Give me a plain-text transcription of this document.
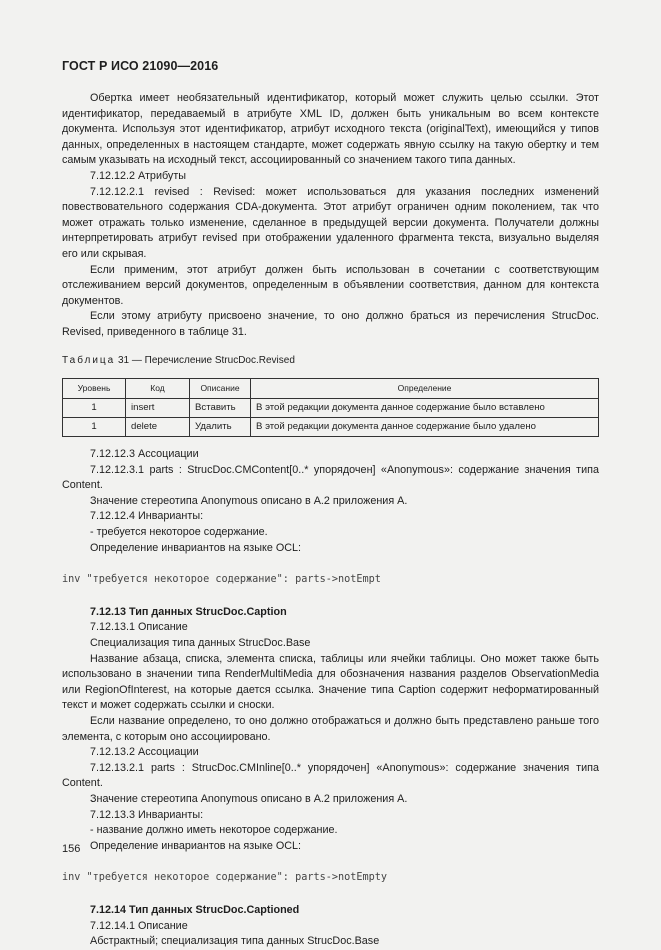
ГОСТ Р ИСО 21090—2016

Обертка имеет необязательный идентификатор, который может служить целью ссылки. Этот идентификатор, передаваемый в атрибуте XML ID, должен быть уникальным во всем контексте документа. Используя этот идентификатор, атрибут исходного текста (originalText), имеющийся у типов данных, определенных в настоящем стандарте, может содержать явную ссылку на такую обертку и тем самым указывать на исходный текст, ассоциированный со значением такого типа данных.

7.12.12.2 Атрибуты

7.12.12.2.1 revised : Revised: может использоваться для указания последних изменений повествовательного содержания CDA-документа. Этот атрибут ограничен одним поколением, так что может отражать только изменение, сделанное в предыдущей версии документа. Получатели должны интерпретировать атрибут revised при отображении удаленного фрагмента текста, визуально выделяя его или скрывая.

Если применим, этот атрибут должен быть использован в сочетании с соответствующим отслеживанием версий документов, определенным в объявлении соответствия, данном для контекста документов.

Если этому атрибуту присвоено значение, то оно должно браться из перечисления StrucDoc. Revised, приведенного в таблице 31.

Таблица 31 — Перечисление StrucDoc.Revised
Уровень	Код	Описание	Определение
1	insert	Вставить	В этой редакции документа данное содержание было вставлено
1	delete	Удалить	В этой редакции документа данное содержание было удалено

7.12.12.3 Ассоциации

7.12.12.3.1 parts : StrucDoc.CMContent[0..* упорядочен] «Anonymous»: содержание значения типа Content.

Значение стереотипа Anonymous описано в А.2 приложения А.

7.12.12.4 Инварианты:

- требуется некоторое содержание.

Определение инвариантов на языке OCL:

inv "требуется некоторое содержание": parts->notEmpt

7.12.13 Тип данных StrucDoc.Caption

7.12.13.1 Описание

Специализация типа данных StrucDoc.Base

Название абзаца, списка, элемента списка, таблицы или ячейки таблицы. Оно может также быть использовано в значении типа RenderMultiMedia для обозначения названия разделов ObservationMedia или RegionOfInterest, на которые дается ссылка. Значение типа Caption содержит неформатированный текст и может содержать ссылки и сноски.

Если название определено, то оно должно отображаться и должно быть представлено раньше того элемента, с которым оно ассоциировано.

7.12.13.2 Ассоциации

7.12.13.2.1 parts : StrucDoc.CMInline[0..* упорядочен] «Anonymous»: содержание значения типа Content.

Значение стереотипа Anonymous описано в А.2 приложения А.

7.12.13.3 Инварианты:

- название должно иметь некоторое содержание.

Определение инвариантов на языке OCL:

inv "требуется некоторое содержание": parts->notEmpty

7.12.14 Тип данных StrucDoc.Captioned

7.12.14.1 Описание

Абстрактный; специализация типа данных StrucDoc.Base

156
